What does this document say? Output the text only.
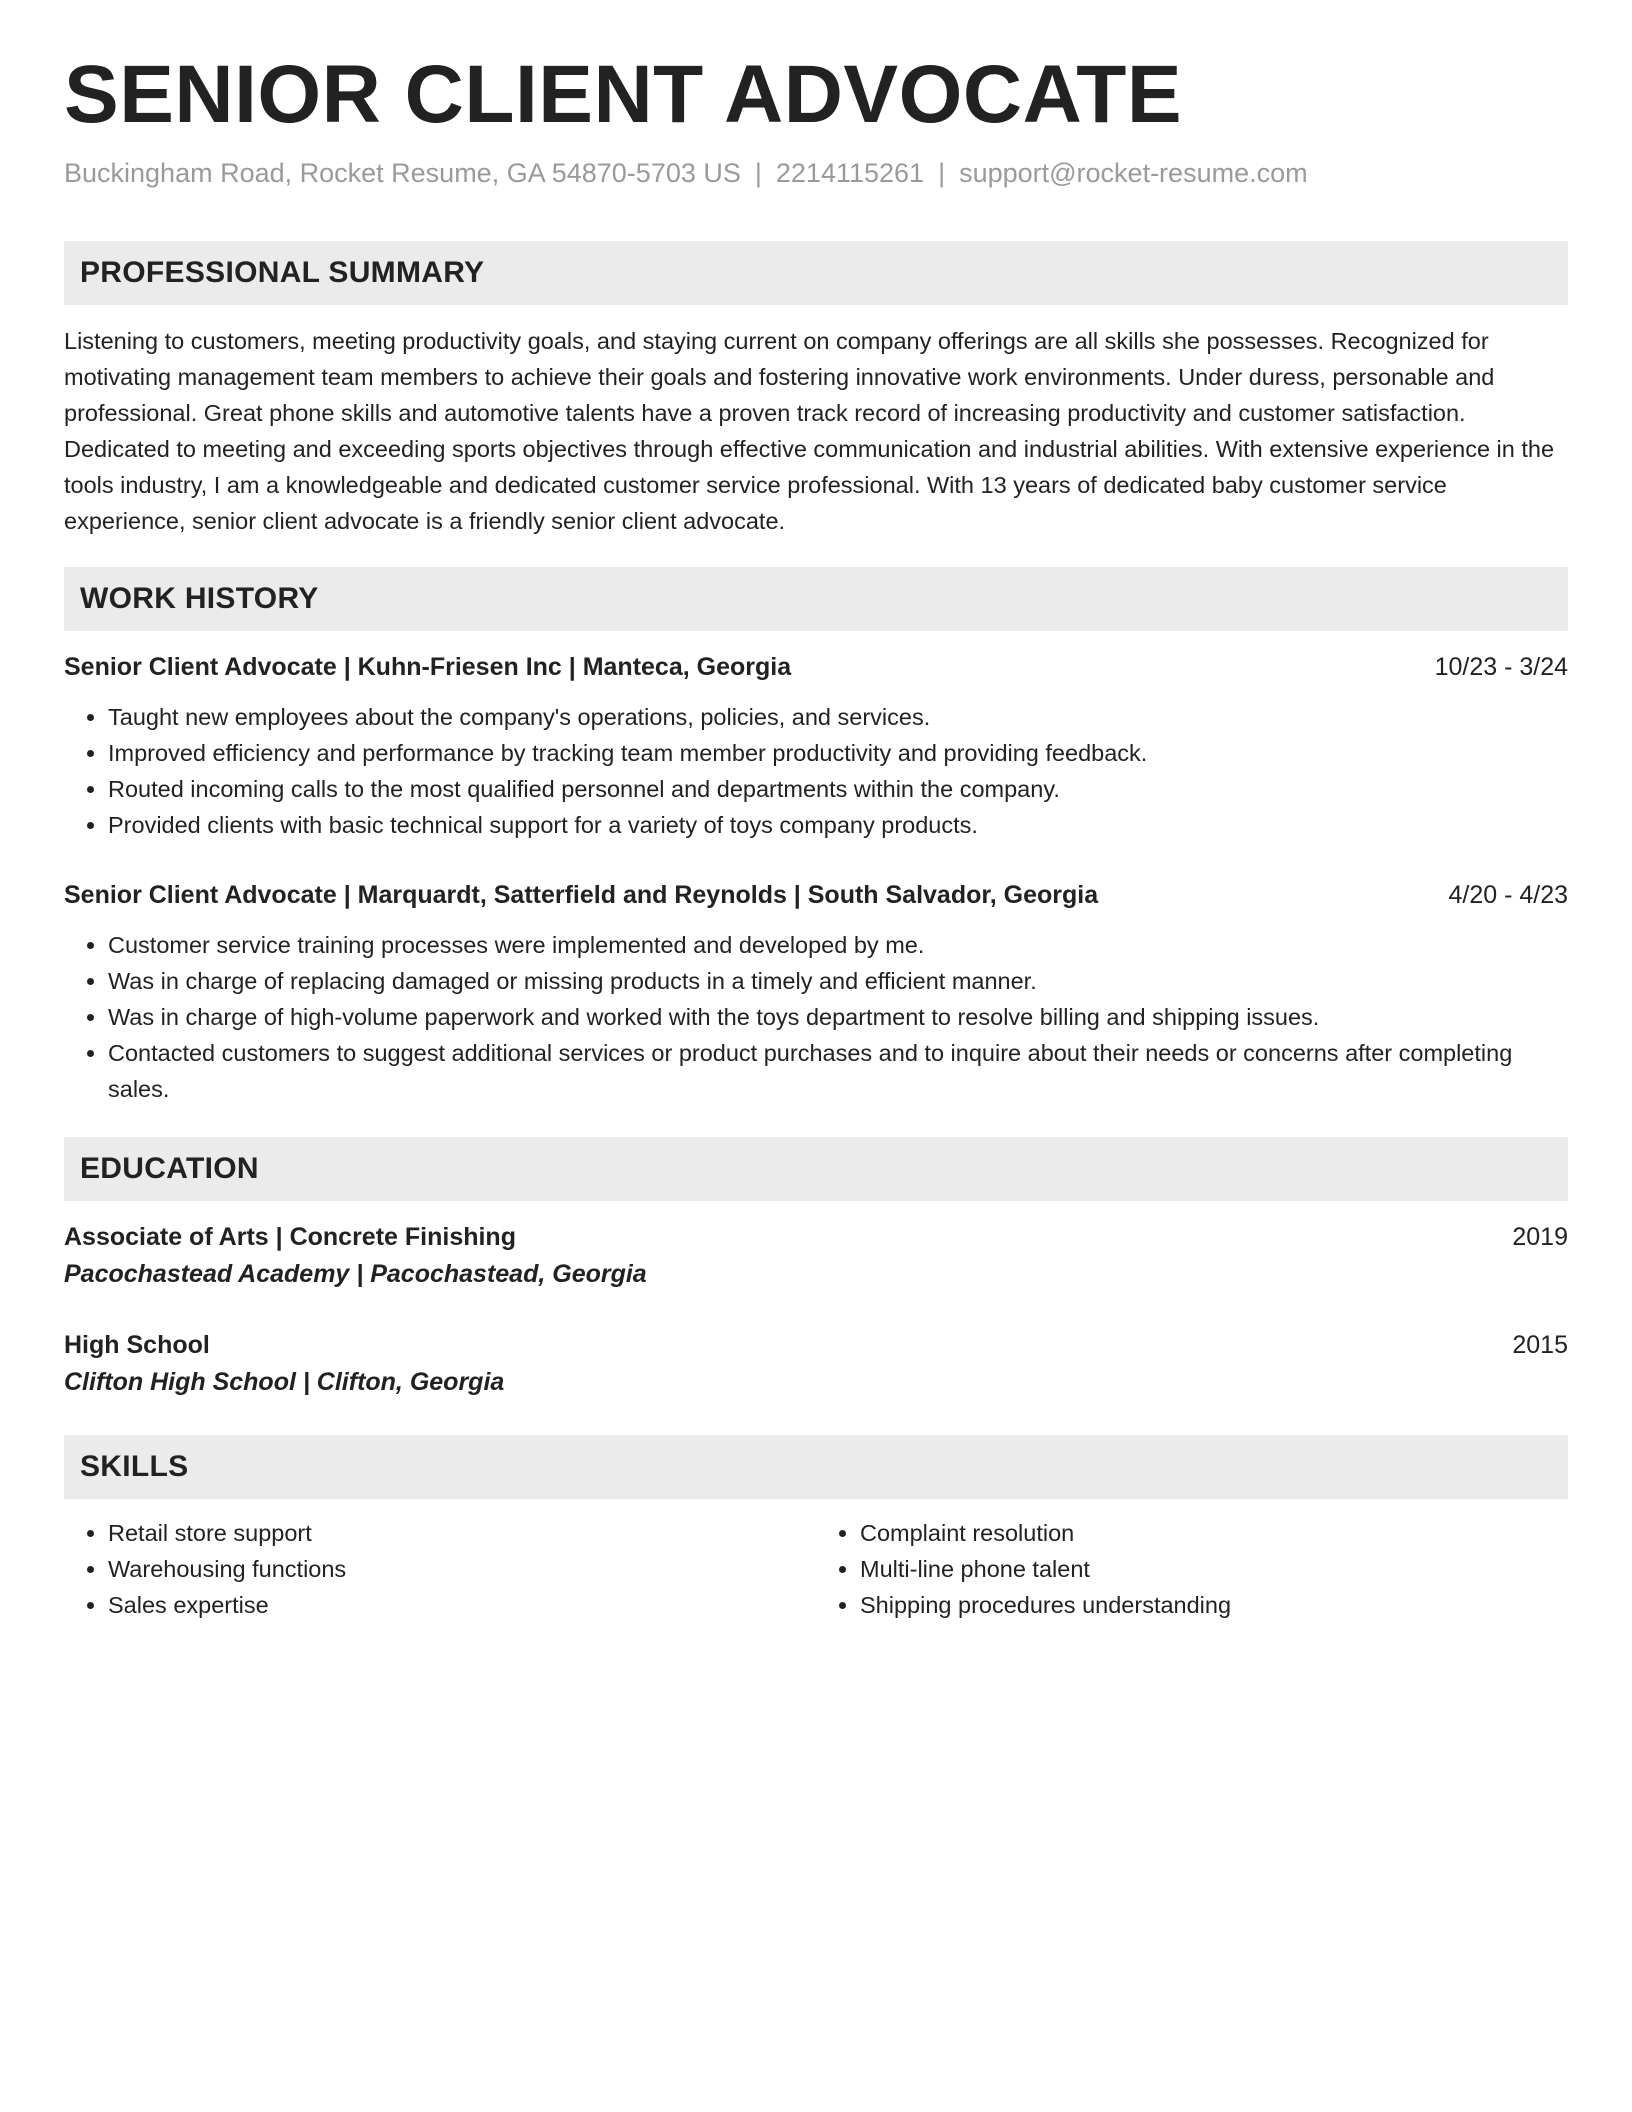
SENIOR CLIENT ADVOCATE
Buckingham Road, Rocket Resume, GA 54870-5703 US | 2214115261 | support@rocket-resume.com
PROFESSIONAL SUMMARY

Listening to customers, meeting productivity goals, and staying current on company offerings are all skills she possesses. Recognized for motivating management team members to achieve their goals and fostering innovative work environments. Under duress, personable and professional. Great phone skills and automotive talents have a proven track record of increasing productivity and customer satisfaction. Dedicated to meeting and exceeding sports objectives through effective communication and industrial abilities. With extensive experience in the tools industry, I am a knowledgeable and dedicated customer service professional. With 13 years of dedicated baby customer service experience, senior client advocate is a friendly senior client advocate.

WORK HISTORY
Senior Client Advocate | Kuhn-Friesen Inc | Manteca, Georgia	10/23 - 3/24
• Taught new employees about the company's operations, policies, and services.
• Improved efficiency and performance by tracking team member productivity and providing feedback.
• Routed incoming calls to the most qualified personnel and departments within the company.
• Provided clients with basic technical support for a variety of toys company products.
Senior Client Advocate | Marquardt, Satterfield and Reynolds | South Salvador, Georgia	4/20 - 4/23
• Customer service training processes were implemented and developed by me.
• Was in charge of replacing damaged or missing products in a timely and efficient manner.
• Was in charge of high-volume paperwork and worked with the toys department to resolve billing and shipping issues.
• Contacted customers to suggest additional services or product purchases and to inquire about their needs or concerns after completing sales.
EDUCATION
Associate of Arts | Concrete Finishing	2019
Pacochastead Academy | Pacochastead, Georgia
High School	2015
Clifton High School | Clifton, Georgia
SKILLS
• Retail store support
• Warehousing functions
• Sales expertise
• Complaint resolution
• Multi-line phone talent
• Shipping procedures understanding
